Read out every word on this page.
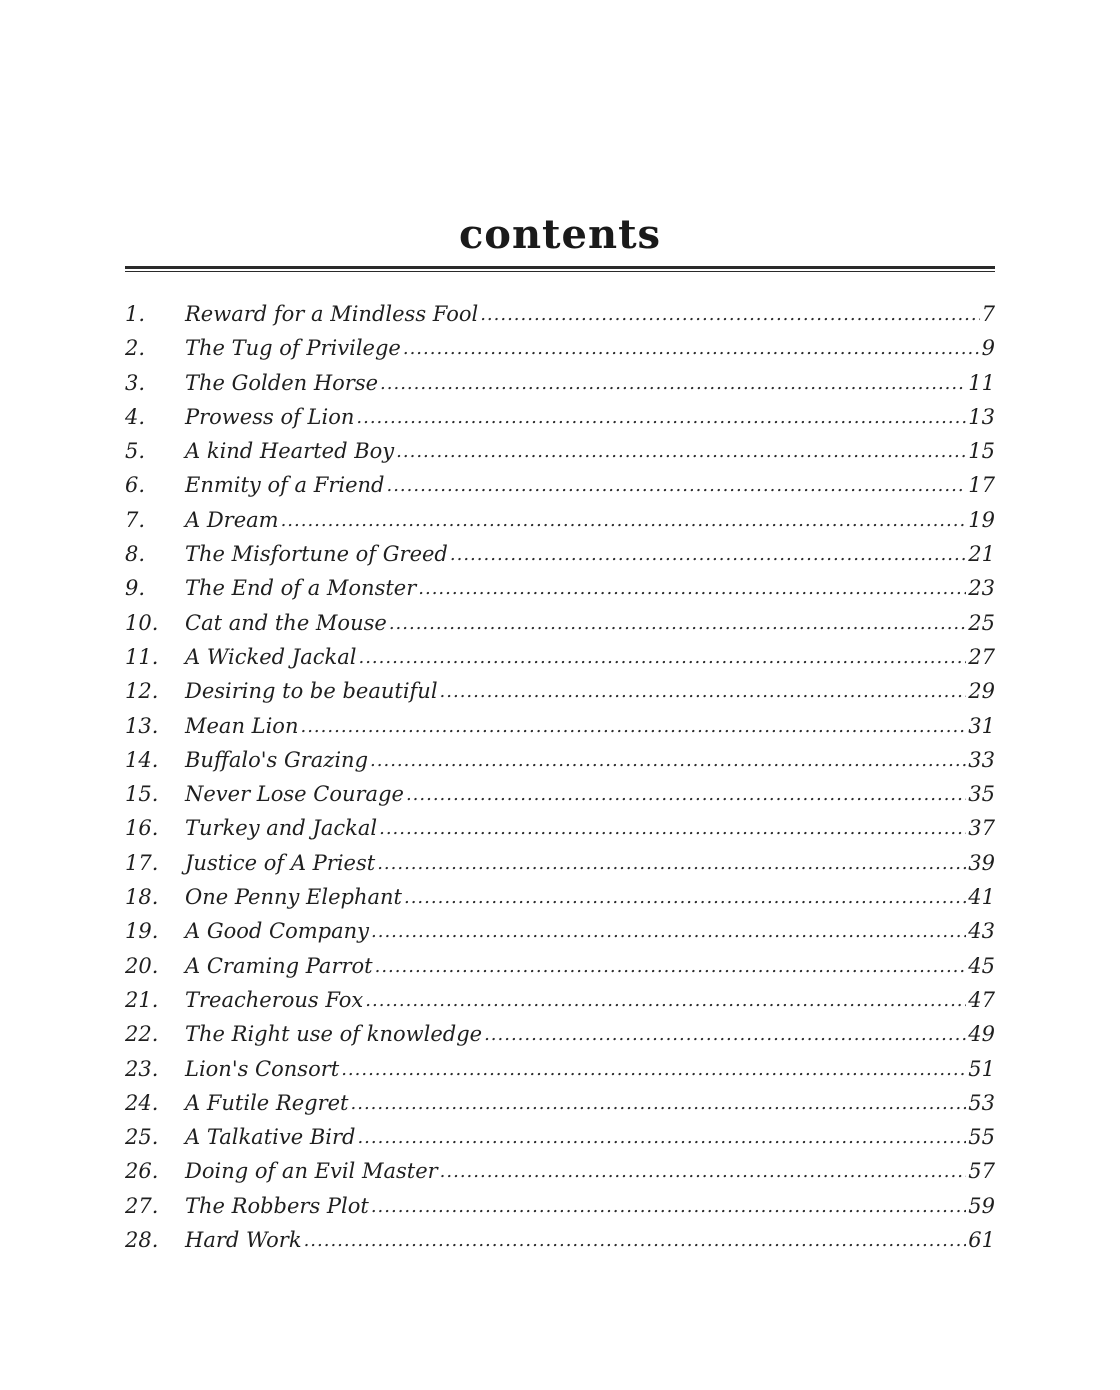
contents
1.	Reward for a Mindless Fool .....	7
2.	The Tug of Privilege .....	9
3.	The Golden Horse .....	11
4.	Prowess of Lion .....	13
5.	A kind Hearted Boy .....	15
6.	Enmity of a Friend .....	17
7.	A Dream .....	19
8.	The Misfortune of Greed .....	21
9.	The End of a Monster .....	23
10.	Cat and the Mouse .....	25
11.	A Wicked Jackal .....	27
12.	Desiring to be beautiful .....	29
13.	Mean Lion .....	31
14.	Buffalo's Grazing .....	33
15.	Never Lose Courage .....	35
16.	Turkey and Jackal .....	37
17.	Justice of A Priest .....	39
18.	One Penny Elephant .....	41
19.	A Good Company .....	43
20.	A Craming Parrot .....	45
21.	Treacherous Fox .....	47
22.	The Right use of knowledge .....	49
23.	Lion's Consort .....	51
24.	A Futile Regret .....	53
25.	A Talkative Bird .....	55
26.	Doing of an Evil Master .....	57
27.	The Robbers Plot .....	59
28.	Hard Work .....	61
